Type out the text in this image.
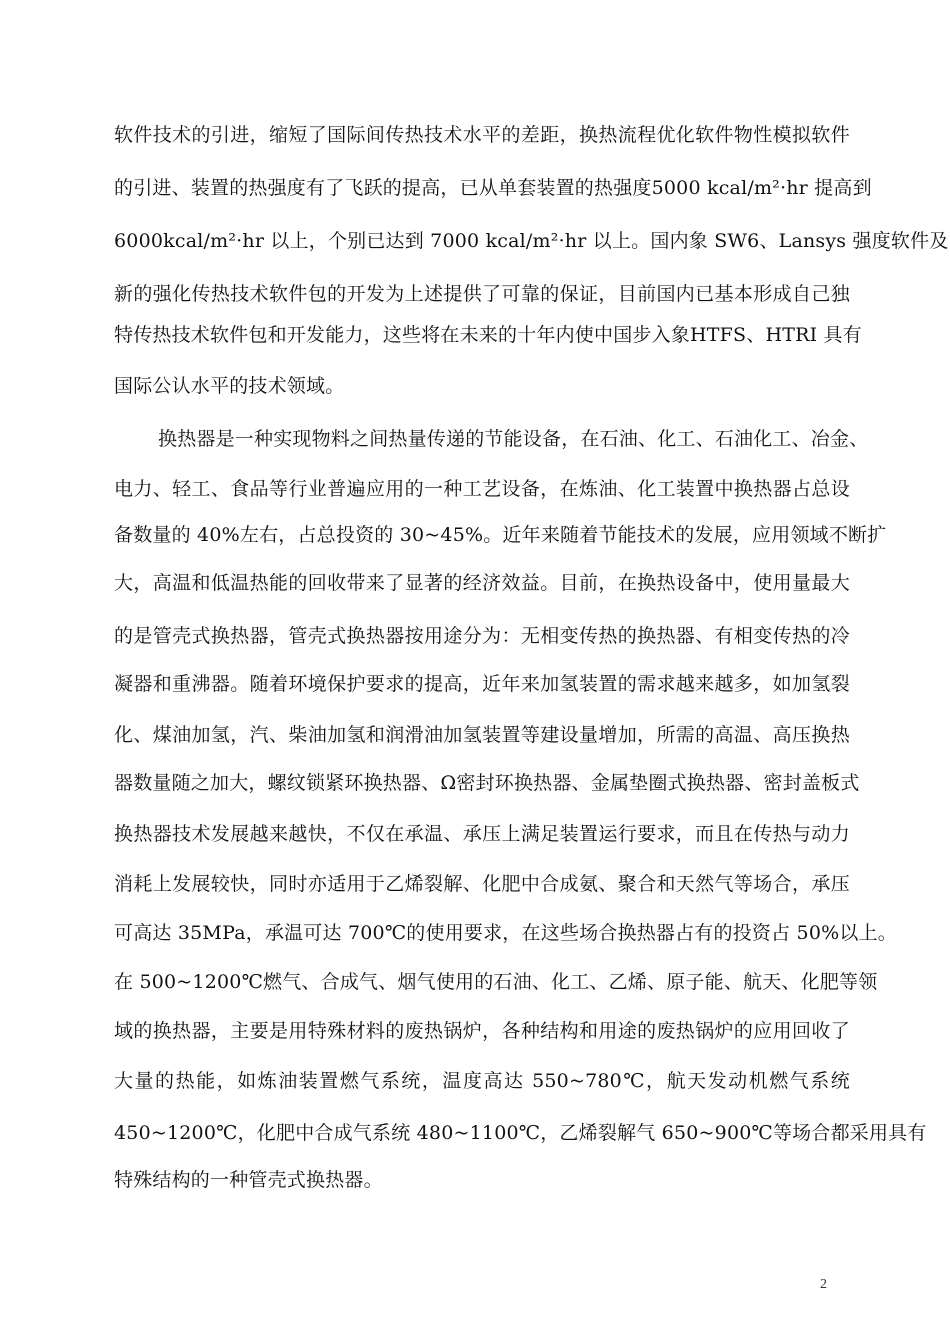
软件技术的引进，缩短了国际间传热技术水平的差距，换热流程优化软件物性模拟软件
的引进、装置的热强度有了飞跃的提高，已从单套装置的热强度5000 kcal/m²·hr 提高到
6000kcal/m²·hr 以上，个别已达到 7000 kcal/m²·hr 以上。国内象 SW6、Lansys 强度软件及
新的强化传热技术软件包的开发为上述提供了可靠的保证，目前国内已基本形成自己独
特传热技术软件包和开发能力，这些将在未来的十年内使中国步入象HTFS、HTRI 具有
国际公认水平的技术领域。
换热器是一种实现物料之间热量传递的节能设备，在石油、化工、石油化工、冶金、
电力、轻工、食品等行业普遍应用的一种工艺设备，在炼油、化工装置中换热器占总设
备数量的 40%左右，占总投资的 30~45%。近年来随着节能技术的发展，应用领域不断扩
大，高温和低温热能的回收带来了显著的经济效益。目前，在换热设备中，使用量最大
的是管壳式换热器，管壳式换热器按用途分为：无相变传热的换热器、有相变传热的冷
凝器和重沸器。随着环境保护要求的提高，近年来加氢装置的需求越来越多，如加氢裂
化、煤油加氢，汽、柴油加氢和润滑油加氢装置等建设量增加，所需的高温、高压换热
器数量随之加大，螺纹锁紧环换热器、Ω密封环换热器、金属垫圈式换热器、密封盖板式
换热器技术发展越来越快，不仅在承温、承压上满足装置运行要求，而且在传热与动力
消耗上发展较快，同时亦适用于乙烯裂解、化肥中合成氨、聚合和天然气等场合，承压
可高达 35MPa，承温可达 700℃的使用要求，在这些场合换热器占有的投资占 50%以上。
在 500~1200℃燃气、合成气、烟气使用的石油、化工、乙烯、原子能、航天、化肥等领
域的换热器，主要是用特殊材料的废热锅炉，各种结构和用途的废热锅炉的应用回收了
大量的热能，如炼油装置燃气系统，温度高达 550~780℃，航天发动机燃气系统
450~1200℃，化肥中合成气系统 480~1100℃，乙烯裂解气 650~900℃等场合都采用具有
特殊结构的一种管壳式换热器。
2
